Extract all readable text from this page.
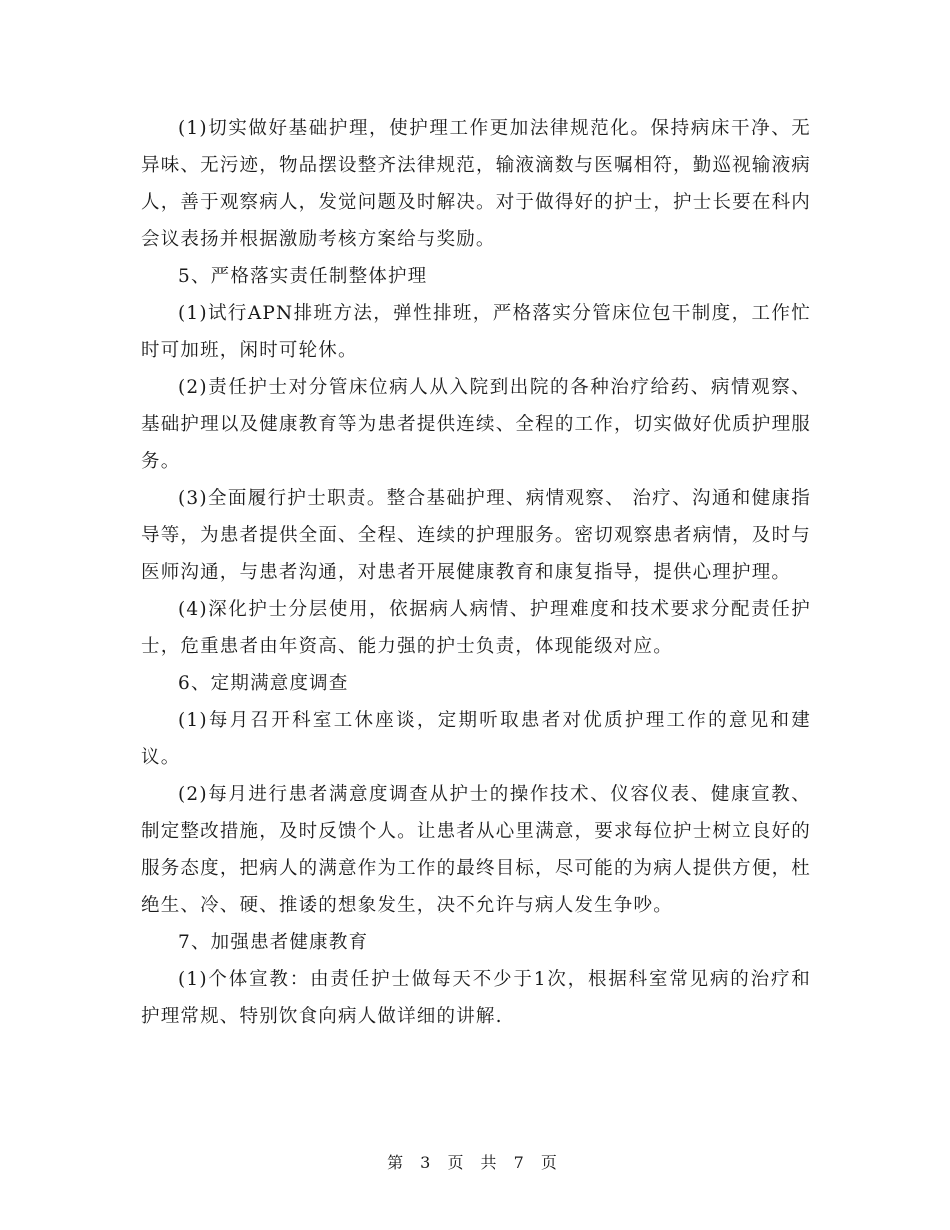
(1)切实做好基础护理，使护理工作更加法律规范化。保持病床干净、无异味、无污迹，物品摆设整齐法律规范，输液滴数与医嘱相符，勤巡视输液病人，善于观察病人，发觉问题及时解决。对于做得好的护士，护士长要在科内会议表扬并根据激励考核方案给与奖励。

5、严格落实责任制整体护理

(1)试行APN排班方法，弹性排班，严格落实分管床位包干制度，工作忙时可加班，闲时可轮休。

(2)责任护士对分管床位病人从入院到出院的各种治疗给药、病情观察、基础护理以及健康教育等为患者提供连续、全程的工作，切实做好优质护理服务。

(3)全面履行护士职责。整合基础护理、病情观察、 治疗、沟通和健康指导等，为患者提供全面、全程、连续的护理服务。密切观察患者病情，及时与医师沟通，与患者沟通，对患者开展健康教育和康复指导，提供心理护理。

(4)深化护士分层使用，依据病人病情、护理难度和技术要求分配责任护士，危重患者由年资高、能力强的护士负责，体现能级对应。

6、定期满意度调查

(1)每月召开科室工休座谈，定期听取患者对优质护理工作的意见和建议。

(2)每月进行患者满意度调查从护士的操作技术、仪容仪表、健康宣教、制定整改措施，及时反馈个人。让患者从心里满意，要求每位护士树立良好的服务态度，把病人的满意作为工作的最终目标，尽可能的为病人提供方便，杜绝生、冷、硬、推诿的想象发生，决不允许与病人发生争吵。

7、加强患者健康教育

(1)个体宣教：由责任护士做每天不少于1次，根据科室常见病的治疗和护理常规、特别饮食向病人做详细的讲解.

第 3 页 共 7 页
